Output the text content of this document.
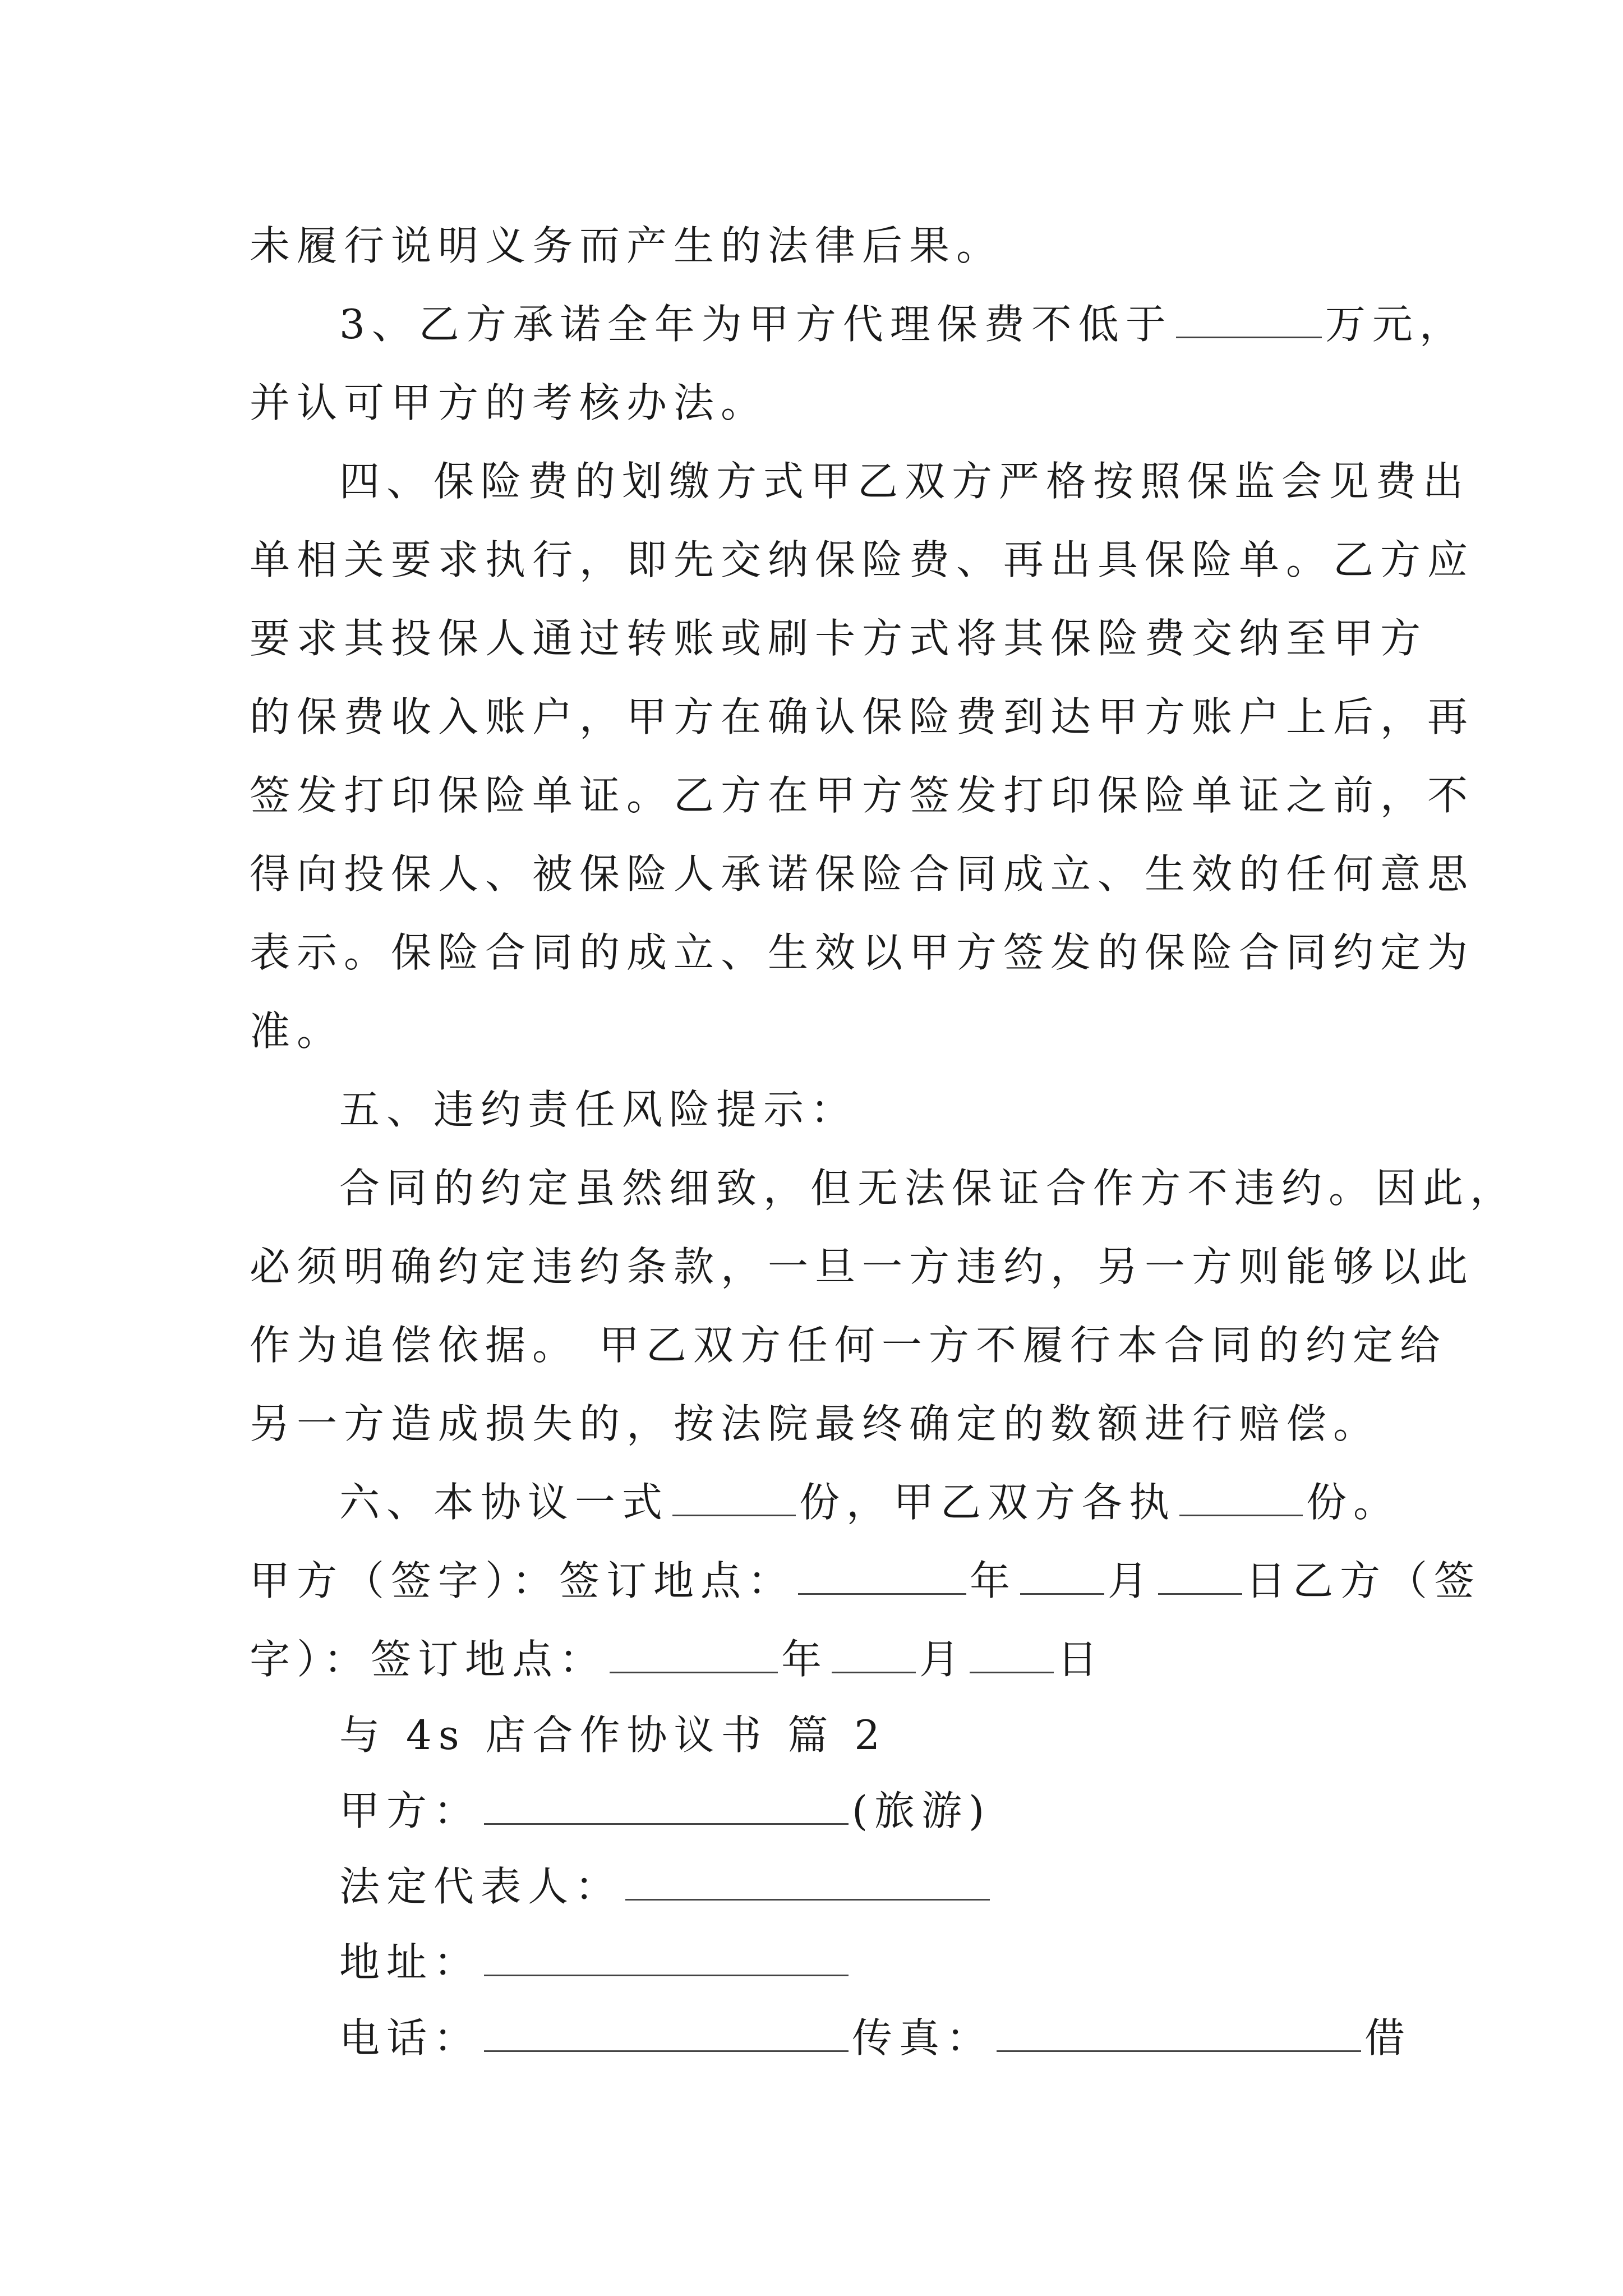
未履行说明义务而产生的法律后果。
3、乙方承诺全年为甲方代理保费不低于	万元，
并认可甲方的考核办法。
四、保险费的划缴方式甲乙双方严格按照保监会见费出
单相关要求执行，即先交纳保险费、再出具保险单。乙方应
要求其投保人通过转账或刷卡方式将其保险费交纳至甲方
的保费收入账户，甲方在确认保险费到达甲方账户上后，再
签发打印保险单证。乙方在甲方签发打印保险单证之前，不
得向投保人、被保险人承诺保险合同成立、生效的任何意思
表示。保险合同的成立、生效以甲方签发的保险合同约定为
准。
五、违约责任风险提示：
合同的约定虽然细致，但无法保证合作方不违约。因此，
必须明确约定违约条款，一旦一方违约，另一方则能够以此
作为追偿依据。 甲乙双方任何一方不履行本合同的约定给
另一方造成损失的，按法院最终确定的数额进行赔偿。
六、本协议一式	份，甲乙双方各执	份。
甲方（签字）：签订地点：	年 月 日乙方（签
字）：签订地点：	年 月 日
与 4s 店合作协议书 篇 2
甲方：	(旅游)
法定代表人：
地址：
电话：	传真：	借
